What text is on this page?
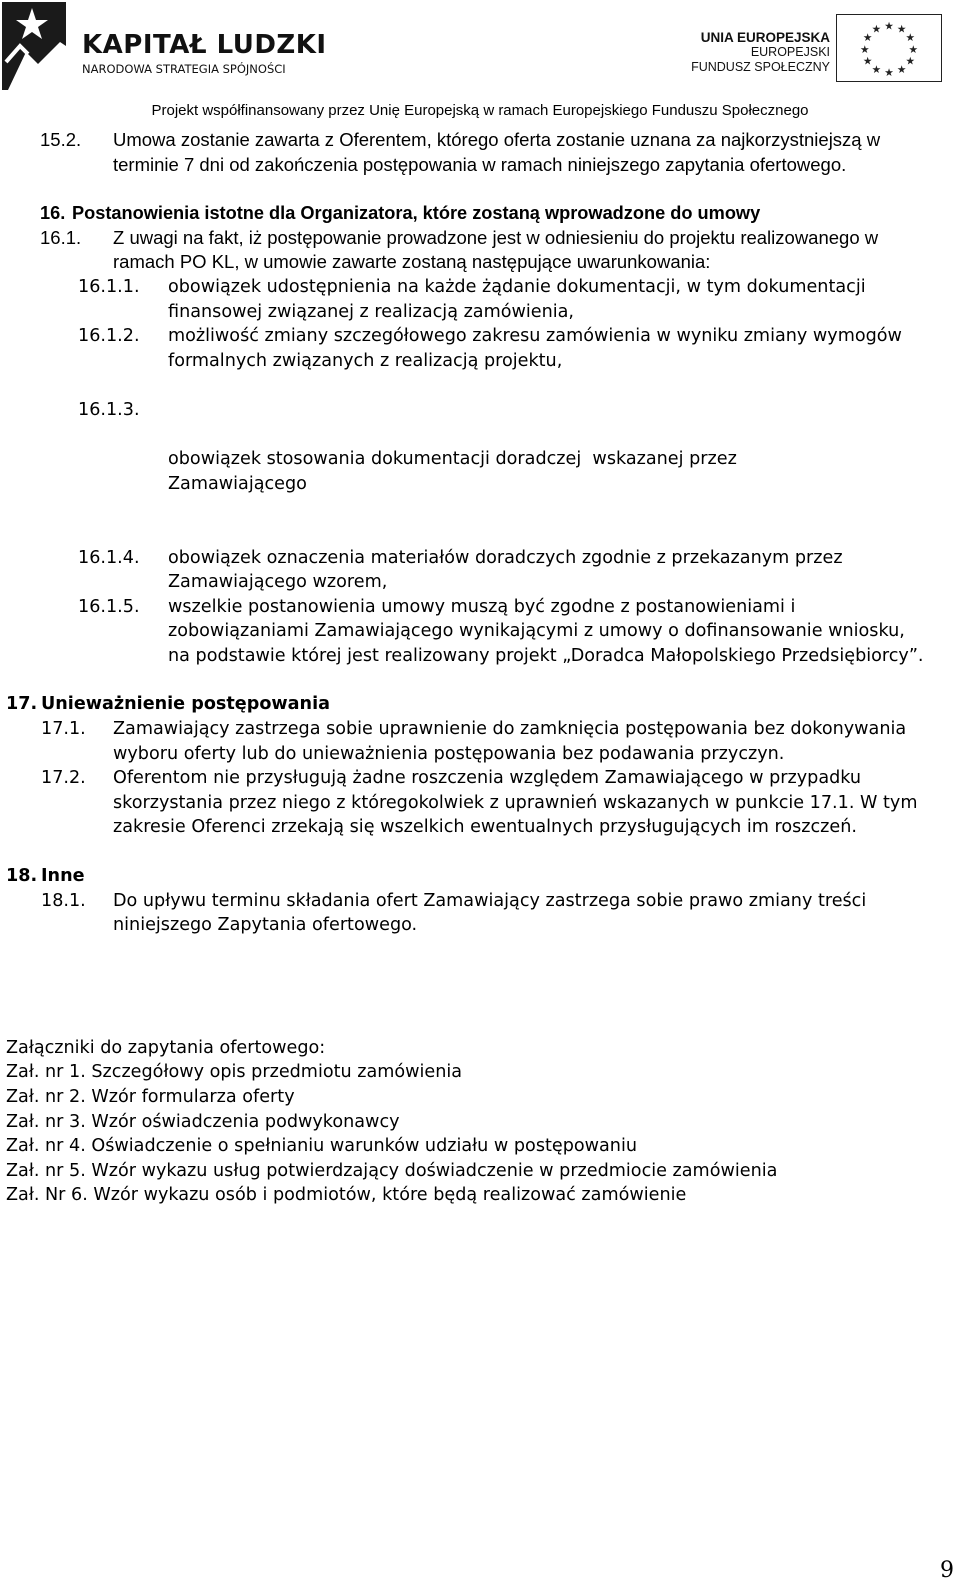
KAPITAŁ LUDZKI
NARODOWA STRATEGIA SPÓJNOŚCI
UNIA EUROPEJSKA
EUROPEJSKI
FUNDUSZ SPOŁECZNY
★ ★
★
★
★
★
★
★
★
★
★
★
Projekt współfinansowany przez Unię Europejską w ramach Europejskiego Funduszu Społecznego
15.2. Umowa zostanie zawarta z Oferentem, którego oferta zostanie uznana za najkorzystniejszą w terminie 7 dni od zakończenia postępowania w ramach niniejszego zapytania ofertowego.
16. Postanowienia istotne dla Organizatora, które zostaną wprowadzone do umowy
16.1. Z uwagi na fakt, iż postępowanie prowadzone jest w odniesieniu do projektu realizowanego w ramach PO KL, w umowie zawarte zostaną następujące uwarunkowania:
16.1.1. obowiązek udostępnienia na każde żądanie dokumentacji, w tym dokumentacji finansowej związanej z realizacją zamówienia,
16.1.2. możliwość zmiany szczegółowego zakresu zamówienia w wyniku zmiany wymogów formalnych związanych z realizacją projektu,

16.1.3.

obowiązek stosowania dokumentacji doradczej  wskazanej przez Zamawiającego

16.1.4. obowiązek oznaczenia materiałów doradczych zgodnie z przekazanym przez Zamawiającego wzorem,
16.1.5. wszelkie postanowienia umowy muszą być zgodne z postanowieniami i zobowiązaniami Zamawiającego wynikającymi z umowy o dofinansowanie wniosku, na podstawie której jest realizowany projekt „Doradca Małopolskiego Przedsiębiorcy”.
17. Unieważnienie postępowania
17.1. Zamawiający zastrzega sobie uprawnienie do zamknięcia postępowania bez dokonywania wyboru oferty lub do unieważnienia postępowania bez podawania przyczyn.
17.2. Oferentom nie przysługują żadne roszczenia względem Zamawiającego w przypadku skorzystania przez niego z któregokolwiek z uprawnień wskazanych w punkcie 17.1. W tym zakresie Oferenci zrzekają się wszelkich ewentualnych przysługujących im roszczeń.
18. Inne
18.1. Do upływu terminu składania ofert Zamawiający zastrzega sobie prawo zmiany treści niniejszego Zapytania ofertowego.
Załączniki do zapytania ofertowego:
Zał. nr 1. Szczegółowy opis przedmiotu zamówienia
Zał. nr 2. Wzór formularza oferty
Zał. nr 3. Wzór oświadczenia podwykonawcy
Zał. nr 4. Oświadczenie o spełnianiu warunków udziału w postępowaniu
Zał. nr 5. Wzór wykazu usług potwierdzający doświadczenie w przedmiocie zamówienia
Zał. Nr 6. Wzór wykazu osób i podmiotów, które będą realizować zamówienie
9
